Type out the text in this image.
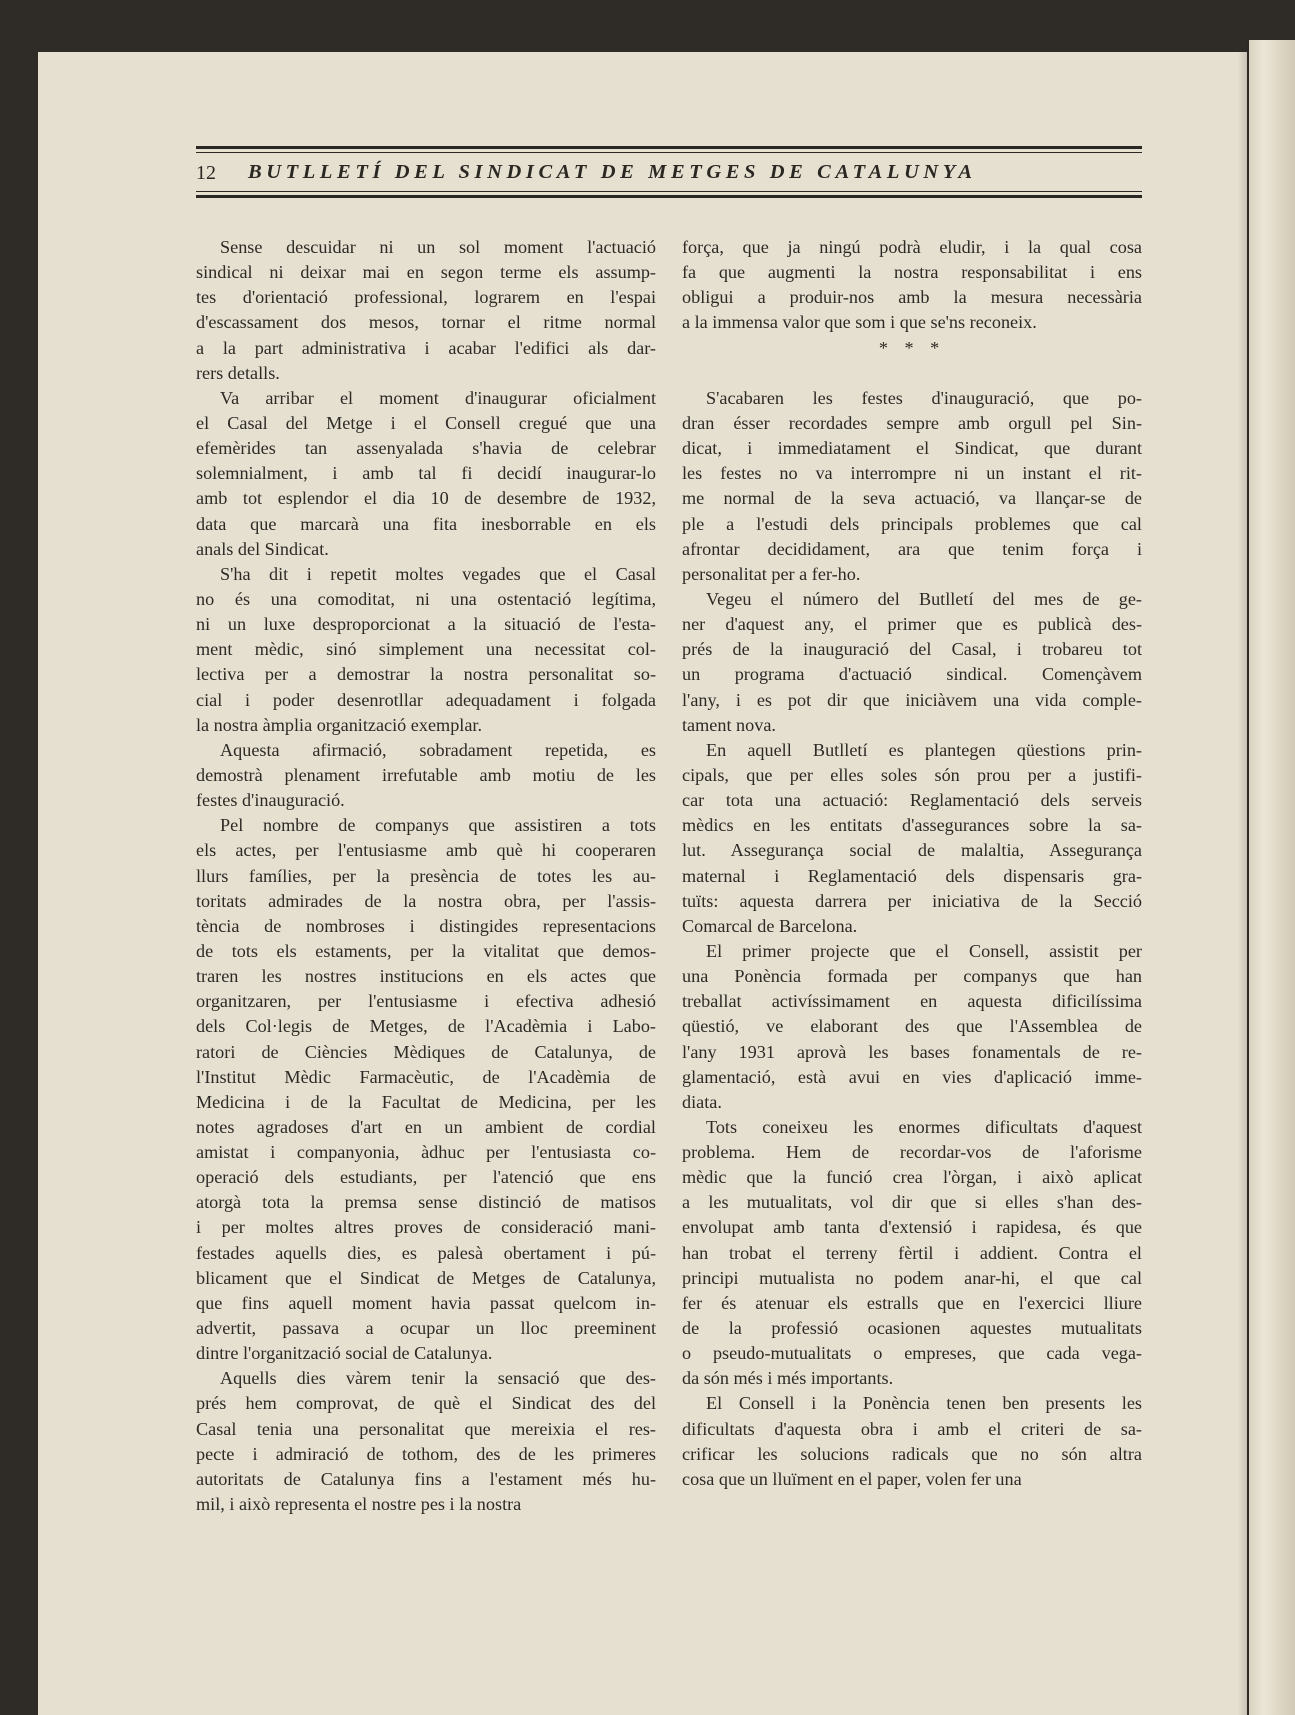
12 BUTLLETÍ DEL SINDICAT DE METGES DE CATALUNYA
Sense descuidar ni un sol moment l'actuació
sindical ni deixar mai en segon terme els assump-
tes d'orientació professional, lograrem en l'espai
d'escassament dos mesos, tornar el ritme normal
a la part administrativa i acabar l'edifici als dar-
rers detalls.
Va arribar el moment d'inaugurar oficialment
el Casal del Metge i el Consell cregué que una
efemèrides tan assenyalada s'havia de celebrar
solemnialment, i amb tal fi decidí inaugurar-lo
amb tot esplendor el dia 10 de desembre de 1932,
data que marcarà una fita inesborrable en els
anals del Sindicat.
S'ha dit i repetit moltes vegades que el Casal
no és una comoditat, ni una ostentació legítima,
ni un luxe desproporcionat a la situació de l'esta-
ment mèdic, sinó simplement una necessitat col-
lectiva per a demostrar la nostra personalitat so-
cial i poder desenrotllar adequadament i folgada
la nostra àmplia organització exemplar.
Aquesta afirmació, sobradament repetida, es
demostrà plenament irrefutable amb motiu de les
festes d'inauguració.
Pel nombre de companys que assistiren a tots
els actes, per l'entusiasme amb què hi cooperaren
llurs famílies, per la presència de totes les au-
toritats admirades de la nostra obra, per l'assis-
tència de nombroses i distingides representacions
de tots els estaments, per la vitalitat que demos-
traren les nostres institucions en els actes que
organitzaren, per l'entusiasme i efectiva adhesió
dels Col·legis de Metges, de l'Acadèmia i Labo-
ratori de Ciències Mèdiques de Catalunya, de
l'Institut Mèdic Farmacèutic, de l'Acadèmia de
Medicina i de la Facultat de Medicina, per les
notes agradoses d'art en un ambient de cordial
amistat i companyonia, àdhuc per l'entusiasta co-
operació dels estudiants, per l'atenció que ens
atorgà tota la premsa sense distinció de matisos
i per moltes altres proves de consideració mani-
festades aquells dies, es palesà obertament i pú-
blicament que el Sindicat de Metges de Catalunya,
que fins aquell moment havia passat quelcom in-
advertit, passava a ocupar un lloc preeminent
dintre l'organització social de Catalunya.
Aquells dies vàrem tenir la sensació que des-
prés hem comprovat, de què el Sindicat des del
Casal tenia una personalitat que mereixia el res-
pecte i admiració de tothom, des de les primeres
autoritats de Catalunya fins a l'estament més hu-
mil, i això representa el nostre pes i la nostra
força, que ja ningú podrà eludir, i la qual cosa
fa que augmenti la nostra responsabilitat i ens
obligui a produir-nos amb la mesura necessària
a la immensa valor que som i que se'ns reconeix.
* * *
S'acabaren les festes d'inauguració, que po-
dran ésser recordades sempre amb orgull pel Sin-
dicat, i immediatament el Sindicat, que durant
les festes no va interrompre ni un instant el rit-
me normal de la seva actuació, va llançar-se de
ple a l'estudi dels principals problemes que cal
afrontar decididament, ara que tenim força i
personalitat per a fer-ho.
Vegeu el número del Butlletí del mes de ge-
ner d'aquest any, el primer que es publicà des-
prés de la inauguració del Casal, i trobareu tot
un programa d'actuació sindical. Començàvem
l'any, i es pot dir que iniciàvem una vida comple-
tament nova.
En aquell Butlletí es plantegen qüestions prin-
cipals, que per elles soles són prou per a justifi-
car tota una actuació: Reglamentació dels serveis
mèdics en les entitats d'assegurances sobre la sa-
lut. Assegurança social de malaltia, Assegurança
maternal i Reglamentació dels dispensaris gra-
tuïts: aquesta darrera per iniciativa de la Secció
Comarcal de Barcelona.
El primer projecte que el Consell, assistit per
una Ponència formada per companys que han
treballat activíssimament en aquesta dificilíssima
qüestió, ve elaborant des que l'Assemblea de
l'any 1931 aprovà les bases fonamentals de re-
glamentació, està avui en vies d'aplicació imme-
diata.
Tots coneixeu les enormes dificultats d'aquest
problema. Hem de recordar-vos de l'aforisme
mèdic que la funció crea l'òrgan, i això aplicat
a les mutualitats, vol dir que si elles s'han des-
envolupat amb tanta d'extensió i rapidesa, és que
han trobat el terreny fèrtil i addient. Contra el
principi mutualista no podem anar-hi, el que cal
fer és atenuar els estralls que en l'exercici lliure
de la professió ocasionen aquestes mutualitats
o pseudo-mutualitats o empreses, que cada vega-
da són més i més importants.
El Consell i la Ponència tenen ben presents les
dificultats d'aquesta obra i amb el criteri de sa-
crificar les solucions radicals que no són altra
cosa que un lluïment en el paper, volen fer una
